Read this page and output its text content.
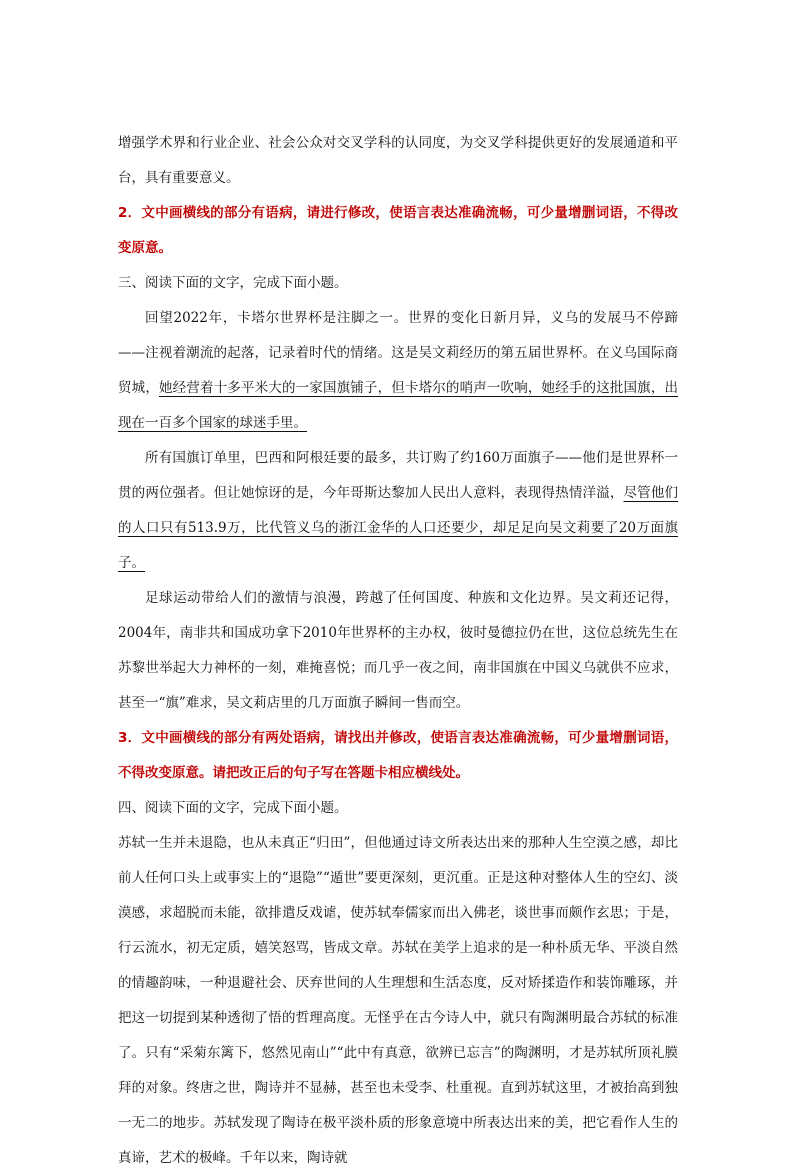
增强学术界和行业企业、社会公众对交叉学科的认同度，为交叉学科提供更好的发展通道和平台，具有重要意义。

2．文中画横线的部分有语病，请进行修改，使语言表达准确流畅，可少量增删词语，不得改变原意。

三、阅读下面的文字，完成下面小题。

回望2022年，卡塔尔世界杯是注脚之一。世界的变化日新月异，义乌的发展马不停蹄——注视着潮流的起落，记录着时代的情绪。这是吴文莉经历的第五届世界杯。在义乌国际商贸城，她经营着十多平米大的一家国旗铺子，但卡塔尔的哨声一吹响，她经手的这批国旗，出现在一百多个国家的球迷手里。

所有国旗订单里，巴西和阿根廷要的最多，共订购了约160万面旗子——他们是世界杯一贯的两位强者。但让她惊讶的是，今年哥斯达黎加人民出人意料，表现得热情洋溢，尽管他们的人口只有513.9万，比代管义乌的浙江金华的人口还要少，却足足向吴文莉要了20万面旗子。

足球运动带给人们的激情与浪漫，跨越了任何国度、种族和文化边界。吴文莉还记得，2004年，南非共和国成功拿下2010年世界杯的主办权，彼时曼德拉仍在世，这位总统先生在苏黎世举起大力神杯的一刻，难掩喜悦；而几乎一夜之间，南非国旗在中国义乌就供不应求，甚至一“旗”难求，吴文莉店里的几万面旗子瞬间一售而空。

3．文中画横线的部分有两处语病，请找出并修改，使语言表达准确流畅，可少量增删词语，不得改变原意。请把改正后的句子写在答题卡相应横线处。

四、阅读下面的文字，完成下面小题。

苏轼一生并未退隐，也从未真正“归田”，但他通过诗文所表达出来的那种人生空漠之感，却比前人任何口头上或事实上的“退隐”“遁世”要更深刻，更沉重。正是这种对整体人生的空幻、淡漠感，求超脱而未能，欲排遣反戏谑，使苏轼奉儒家而出入佛老，谈世事而颇作玄思；于是，行云流水，初无定质，嬉笑怒骂，皆成文章。苏轼在美学上追求的是一种朴质无华、平淡自然的情趣韵味，一种退避社会、厌弃世间的人生理想和生活态度，反对矫揉造作和装饰雕琢，并把这一切提到某种透彻了悟的哲理高度。无怪乎在古今诗人中，就只有陶渊明最合苏轼的标准了。只有“采菊东篱下，悠然见南山”“此中有真意，欲辨已忘言”的陶渊明，才是苏轼所顶礼膜拜的对象。终唐之世，陶诗并不显赫，甚至也未受李、杜重视。直到苏轼这里，才被抬高到独一无二的地步。苏轼发现了陶诗在极平淡朴质的形象意境中所表达出来的美，把它看作人生的真谛，艺术的极峰。千年以来，陶诗就
